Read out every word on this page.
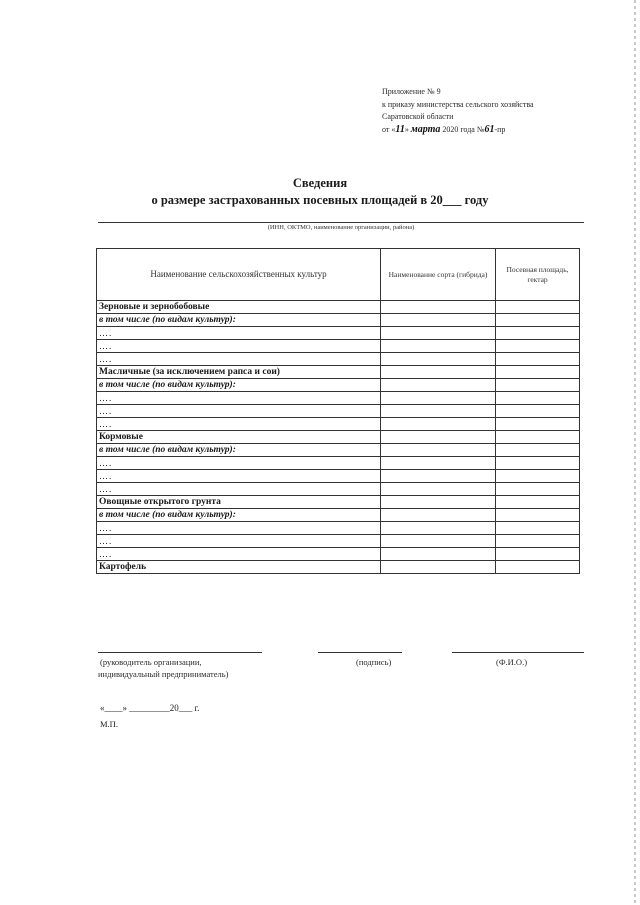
Приложение № 9
к приказу министерства сельского хозяйства
Саратовской области
от «11» марта 2020 года №61-пр
Сведения
о размере застрахованных посевных площадей в 20___ году
(ИНН, ОКТМО, наименование организации, района)
Наименование сельскохозяйственных культур	Наименование сорта (гибрида)	Посевная площадь, гектар
Зерновые и зернобобовые		
в том числе (по видам культур):		
….		
….		
….		
Масличные (за исключением рапса и сои)		
в том числе (по видам культур):		
….		
….		
….		
Кормовые		
в том числе (по видам культур):		
….		
….		
….		
Овощные открытого грунта		
в том числе (по видам культур):		
….		
….		
….		
Картофель		
(руководитель организации,
индивидуальный предприниматель)
(подпись)	(Ф.И.О.)
«____» _________20___ г.
М.П.
